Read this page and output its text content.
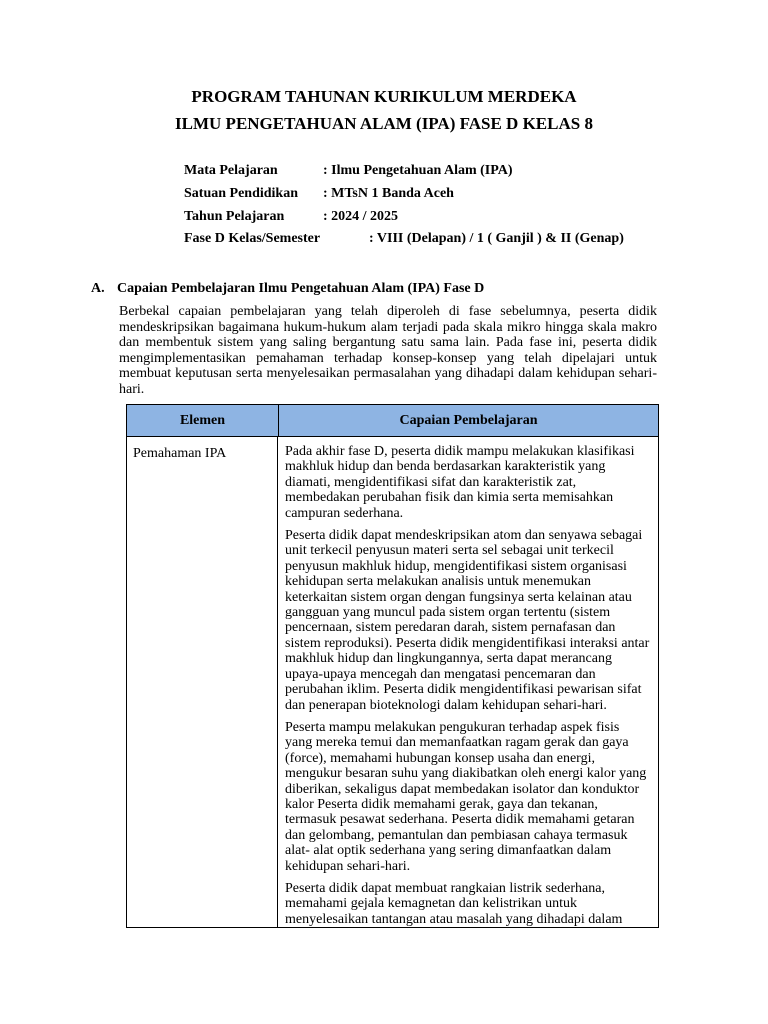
PROGRAM TAHUNAN KURIKULUM MERDEKA
ILMU PENGETAHUAN ALAM (IPA) FASE D KELAS 8
Mata Pelajaran	: Ilmu Pengetahuan Alam (IPA)
Satuan Pendidikan : MTsN 1 Banda Aceh
Tahun Pelajaran	: 2024 / 2025
Fase D Kelas/Semester	: VIII (Delapan) / 1 ( Ganjil ) & II (Genap)
A. Capaian Pembelajaran Ilmu Pengetahuan Alam (IPA) Fase D

Berbekal capaian pembelajaran yang telah diperoleh di fase sebelumnya, peserta didik mendeskripsikan bagaimana hukum-hukum alam terjadi pada skala mikro hingga skala makro dan membentuk sistem yang saling bergantung satu sama lain. Pada fase ini, peserta didik mengimplementasikan pemahaman terhadap konsep-konsep yang telah dipelajari untuk membuat keputusan serta menyelesaikan permasalahan yang dihadapi dalam kehidupan sehari-hari.

Elemen	Capaian Pembelajaran
Pemahaman IPA	Pada akhir fase D, peserta didik mampu melakukan klasifikasi makhluk hidup dan benda berdasarkan karakteristik yang diamati, mengidentifikasi sifat dan karakteristik zat, membedakan perubahan fisik dan kimia serta memisahkan campuran sederhana.

Peserta didik dapat mendeskripsikan atom dan senyawa sebagai unit terkecil penyusun materi serta sel sebagai unit terkecil penyusun makhluk hidup, mengidentifikasi sistem organisasi kehidupan serta melakukan analisis untuk menemukan keterkaitan sistem organ dengan fungsinya serta kelainan atau gangguan yang muncul pada sistem organ tertentu (sistem pencernaan, sistem peredaran darah, sistem pernafasan dan sistem reproduksi). Peserta didik mengidentifikasi interaksi antar makhluk hidup dan lingkungannya, serta dapat merancang upaya-upaya mencegah dan mengatasi pencemaran dan perubahan iklim. Peserta didik mengidentifikasi pewarisan sifat dan penerapan bioteknologi dalam kehidupan sehari-hari.

Peserta mampu melakukan pengukuran terhadap aspek fisis yang mereka temui dan memanfaatkan ragam gerak dan gaya (force), memahami hubungan konsep usaha dan energi, mengukur besaran suhu yang diakibatkan oleh energi kalor yang diberikan, sekaligus dapat membedakan isolator dan konduktor kalor Peserta didik memahami gerak, gaya dan tekanan, termasuk pesawat sederhana. Peserta didik memahami getaran dan gelombang, pemantulan dan pembiasan cahaya termasuk alat- alat optik sederhana yang sering dimanfaatkan dalam kehidupan sehari-hari.

Peserta didik dapat membuat rangkaian listrik sederhana, memahami gejala kemagnetan dan kelistrikan untuk menyelesaikan tantangan atau masalah yang dihadapi dalam
